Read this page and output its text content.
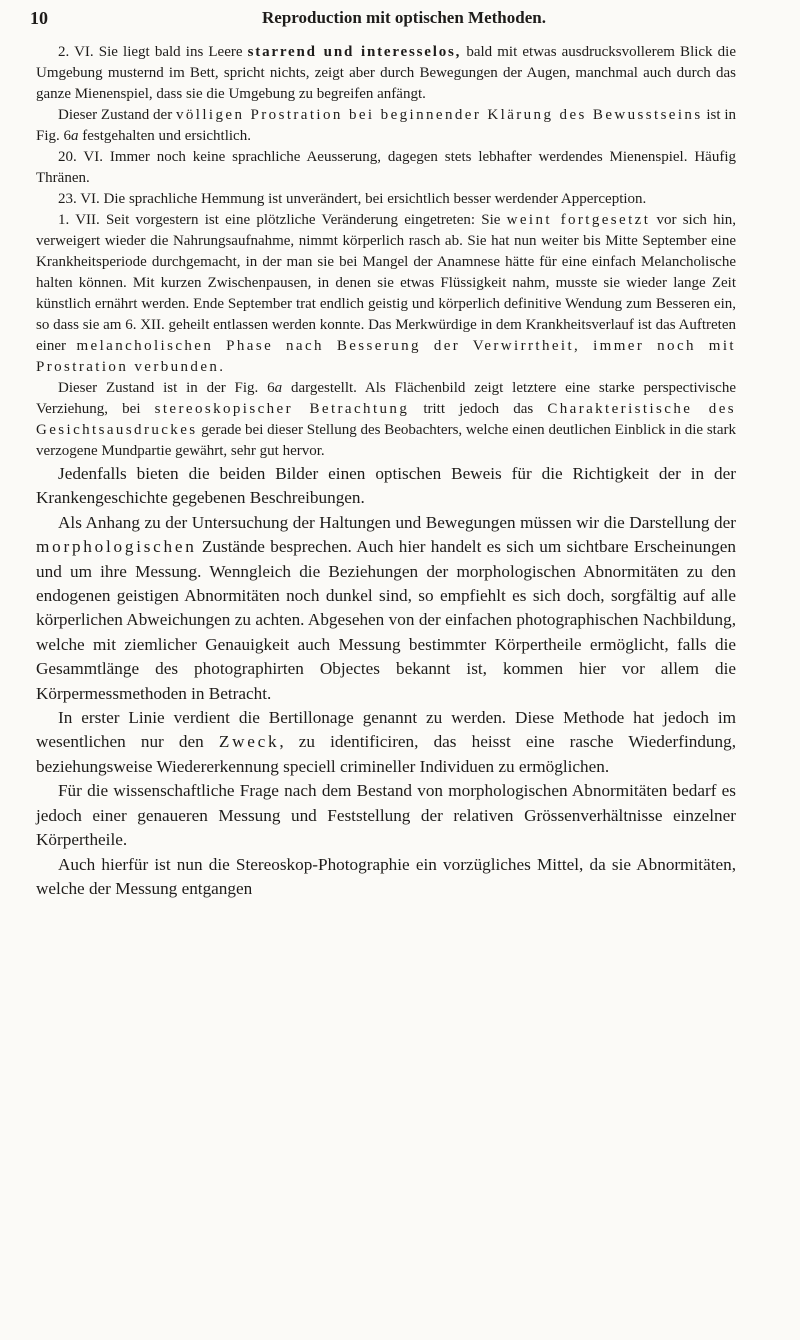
10	Reproduction mit optischen Methoden.

2. VI. Sie liegt bald ins Leere starrend und interesselos, bald mit etwas ausdrucksvollerem Blick die Umgebung musternd im Bett, spricht nichts, zeigt aber durch Bewegungen der Augen, manchmal auch durch das ganze Mienenspiel, dass sie die Umgebung zu begreifen anfängt.

Dieser Zustand der völligen Prostration bei beginnender Klärung des Bewusstseins ist in Fig. 6a festgehalten und ersichtlich.

20. VI. Immer noch keine sprachliche Aeusserung, dagegen stets lebhafter werdendes Mienenspiel. Häufig Thränen.

23. VI. Die sprachliche Hemmung ist unverändert, bei ersichtlich besser werdender Apperception.

1. VII. Seit vorgestern ist eine plötzliche Veränderung eingetreten: Sie weint fortgesetzt vor sich hin, verweigert wieder die Nahrungsaufnahme, nimmt körperlich rasch ab. Sie hat nun weiter bis Mitte September eine Krankheitsperiode durchgemacht, in der man sie bei Mangel der Anamnese hätte für eine einfach Melancholische halten können. Mit kurzen Zwischenpausen, in denen sie etwas Flüssigkeit nahm, musste sie wieder lange Zeit künstlich ernährt werden. Ende September trat endlich geistig und körperlich definitive Wendung zum Besseren ein, so dass sie am 6. XII. geheilt entlassen werden konnte. Das Merkwürdige in dem Krankheitsverlauf ist das Auftreten einer melancholischen Phase nach Besserung der Verwirrtheit, immer noch mit Prostration verbunden.

Dieser Zustand ist in der Fig. 6a dargestellt. Als Flächenbild zeigt letztere eine starke perspectivische Verziehung, bei stereoskopischer Betrachtung tritt jedoch das Charakteristische des Gesichtsausdruckes gerade bei dieser Stellung des Beobachters, welche einen deutlichen Einblick in die stark verzogene Mundpartie gewährt, sehr gut hervor.

Jedenfalls bieten die beiden Bilder einen optischen Beweis für die Richtigkeit der in der Krankengeschichte gegebenen Beschreibungen.

Als Anhang zu der Untersuchung der Haltungen und Bewegungen müssen wir die Darstellung der morphologischen Zustände besprechen. Auch hier handelt es sich um sichtbare Erscheinungen und um ihre Messung. Wenngleich die Beziehungen der morphologischen Abnormitäten zu den endogenen geistigen Abnormitäten noch dunkel sind, so empfiehlt es sich doch, sorgfältig auf alle körperlichen Abweichungen zu achten. Abgesehen von der einfachen photographischen Nachbildung, welche mit ziemlicher Genauigkeit auch Messung bestimmter Körpertheile ermöglicht, falls die Gesammtlänge des photographirten Objectes bekannt ist, kommen hier vor allem die Körpermessmethoden in Betracht.

In erster Linie verdient die Bertillonage genannt zu werden. Diese Methode hat jedoch im wesentlichen nur den Zweck, zu identificiren, das heisst eine rasche Wiederfindung, beziehungsweise Wiedererkennung speciell crimineller Individuen zu ermöglichen.

Für die wissenschaftliche Frage nach dem Bestand von morphologischen Abnormitäten bedarf es jedoch einer genaueren Messung und Feststellung der relativen Grössenverhältnisse einzelner Körpertheile.

Auch hierfür ist nun die Stereoskop-Photographie ein vorzügliches Mittel, da sie Abnormitäten, welche der Messung entgangen
